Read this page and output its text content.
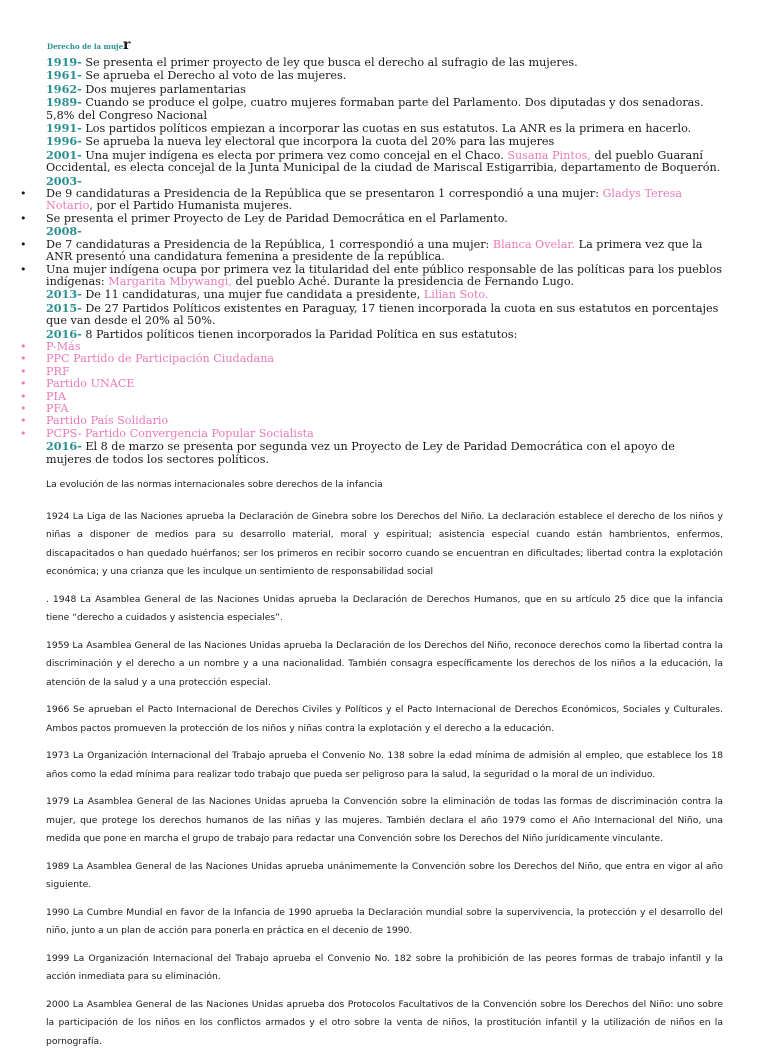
Derecho de la mujer
1919- Se presenta el primer proyecto de ley que busca el derecho al sufragio de las mujeres.
1961- Se aprueba el Derecho al voto de las mujeres.
1962- Dos mujeres parlamentarias
1989- Cuando se produce el golpe, cuatro mujeres formaban parte del Parlamento. Dos diputadas y dos senadoras. 5,8% del Congreso Nacional
1991- Los partidos políticos empiezan a incorporar las cuotas en sus estatutos. La ANR es la primera en hacerlo.
1996- Se aprueba la nueva ley electoral que incorpora la cuota del 20% para las mujeres
2001- Una mujer indígena es electa por primera vez como concejal en el Chaco. Susana Pintos, del pueblo Guaraní Occidental, es electa concejal de la Junta Municipal de la ciudad de Mariscal Estigarribia, departamento de Boquerón.
2003-
• De 9 candidaturas a Presidencia de la República que se presentaron 1 correspondió a una mujer: Gladys Teresa Notario, por el Partido Humanista mujeres.
• Se presenta el primer Proyecto de Ley de Paridad Democrática en el Parlamento.
2008-
• De 7 candidaturas a Presidencia de la República, 1 correspondió a una mujer: Blanca Ovelar. La primera vez que la ANR presentó una candidatura femenina a presidente de la república.
• Una mujer indígena ocupa por primera vez la titularidad del ente público responsable de las políticas para los pueblos indígenas: Margarita Mbywangi, del pueblo Aché. Durante la presidencia de Fernando Lugo.
2013- De 11 candidaturas, una mujer fue candidata a presidente, Lilian Soto.
2015- De 27 Partidos Políticos existentes en Paraguay, 17 tienen incorporada la cuota en sus estatutos en porcentajes que van desde el 20% al 50%.
2016- 8 Partidos políticos tienen incorporados la Paridad Política en sus estatutos:
• P-Más
• PPC Partido de Participación Ciudadana
• PRF
• Partido UNACE
• PIA
• PFA
• Partido País Solidario
• PCPS- Partido Convergencia Popular Socialista
2016- El 8 de marzo se presenta por segunda vez un Proyecto de Ley de Paridad Democrática con el apoyo de mujeres de todos los sectores políticos.

La evolución de las normas internacionales sobre derechos de la infancia

1924 La Liga de las Naciones aprueba la Declaración de Ginebra sobre los Derechos del Niño. La declaración establece el derecho de los niños y niñas a disponer de medios para su desarrollo material, moral y espiritual; asistencia especial cuando están hambrientos, enfermos, discapacitados o han quedado huérfanos; ser los primeros en recibir socorro cuando se encuentran en dificultades; libertad contra la explotación económica; y una crianza que les inculque un sentimiento de responsabilidad social

. 1948 La Asamblea General de las Naciones Unidas aprueba la Declaración de Derechos Humanos, que en su artículo 25 dice que la infancia tiene “derecho a cuidados y asistencia especiales”.

1959 La Asamblea General de las Naciones Unidas aprueba la Declaración de los Derechos del Niño, reconoce derechos como la libertad contra la discriminación y el derecho a un nombre y a una nacionalidad. También consagra específicamente los derechos de los niños a la educación, la atención de la salud y a una protección especial.

1966 Se aprueban el Pacto Internacional de Derechos Civiles y Políticos y el Pacto Internacional de Derechos Económicos, Sociales y Culturales. Ambos pactos promueven la protección de los niños y niñas contra la explotación y el derecho a la educación.

1973 La Organización Internacional del Trabajo aprueba el Convenio No. 138 sobre la edad mínima de admisión al empleo, que establece los 18 años como la edad mínima para realizar todo trabajo que pueda ser peligroso para la salud, la seguridad o la moral de un individuo.

1979 La Asamblea General de las Naciones Unidas aprueba la Convención sobre la eliminación de todas las formas de discriminación contra la mujer, que protege los derechos humanos de las niñas y las mujeres. También declara el año 1979 como el Año Internacional del Niño, una medida que pone en marcha el grupo de trabajo para redactar una Convención sobre los Derechos del Niño jurídicamente vinculante.

1989 La Asamblea General de las Naciones Unidas aprueba unánimemente la Convención sobre los Derechos del Niño, que entra en vigor al año siguiente.

1990 La Cumbre Mundial en favor de la Infancia de 1990 aprueba la Declaración mundial sobre la supervivencia, la protección y el desarrollo del niño, junto a un plan de acción para ponerla en práctica en el decenio de 1990.

1999 La Organización Internacional del Trabajo aprueba el Convenio No. 182 sobre la prohibición de las peores formas de trabajo infantil y la acción inmediata para su eliminación.

2000 La Asamblea General de las Naciones Unidas aprueba dos Protocolos Facultativos de la Convención sobre los Derechos del Niño: uno sobre la participación de los niños en los conflictos armados y el otro sobre la venta de niños, la prostitución infantil y la utilización de niños en la pornografía.
